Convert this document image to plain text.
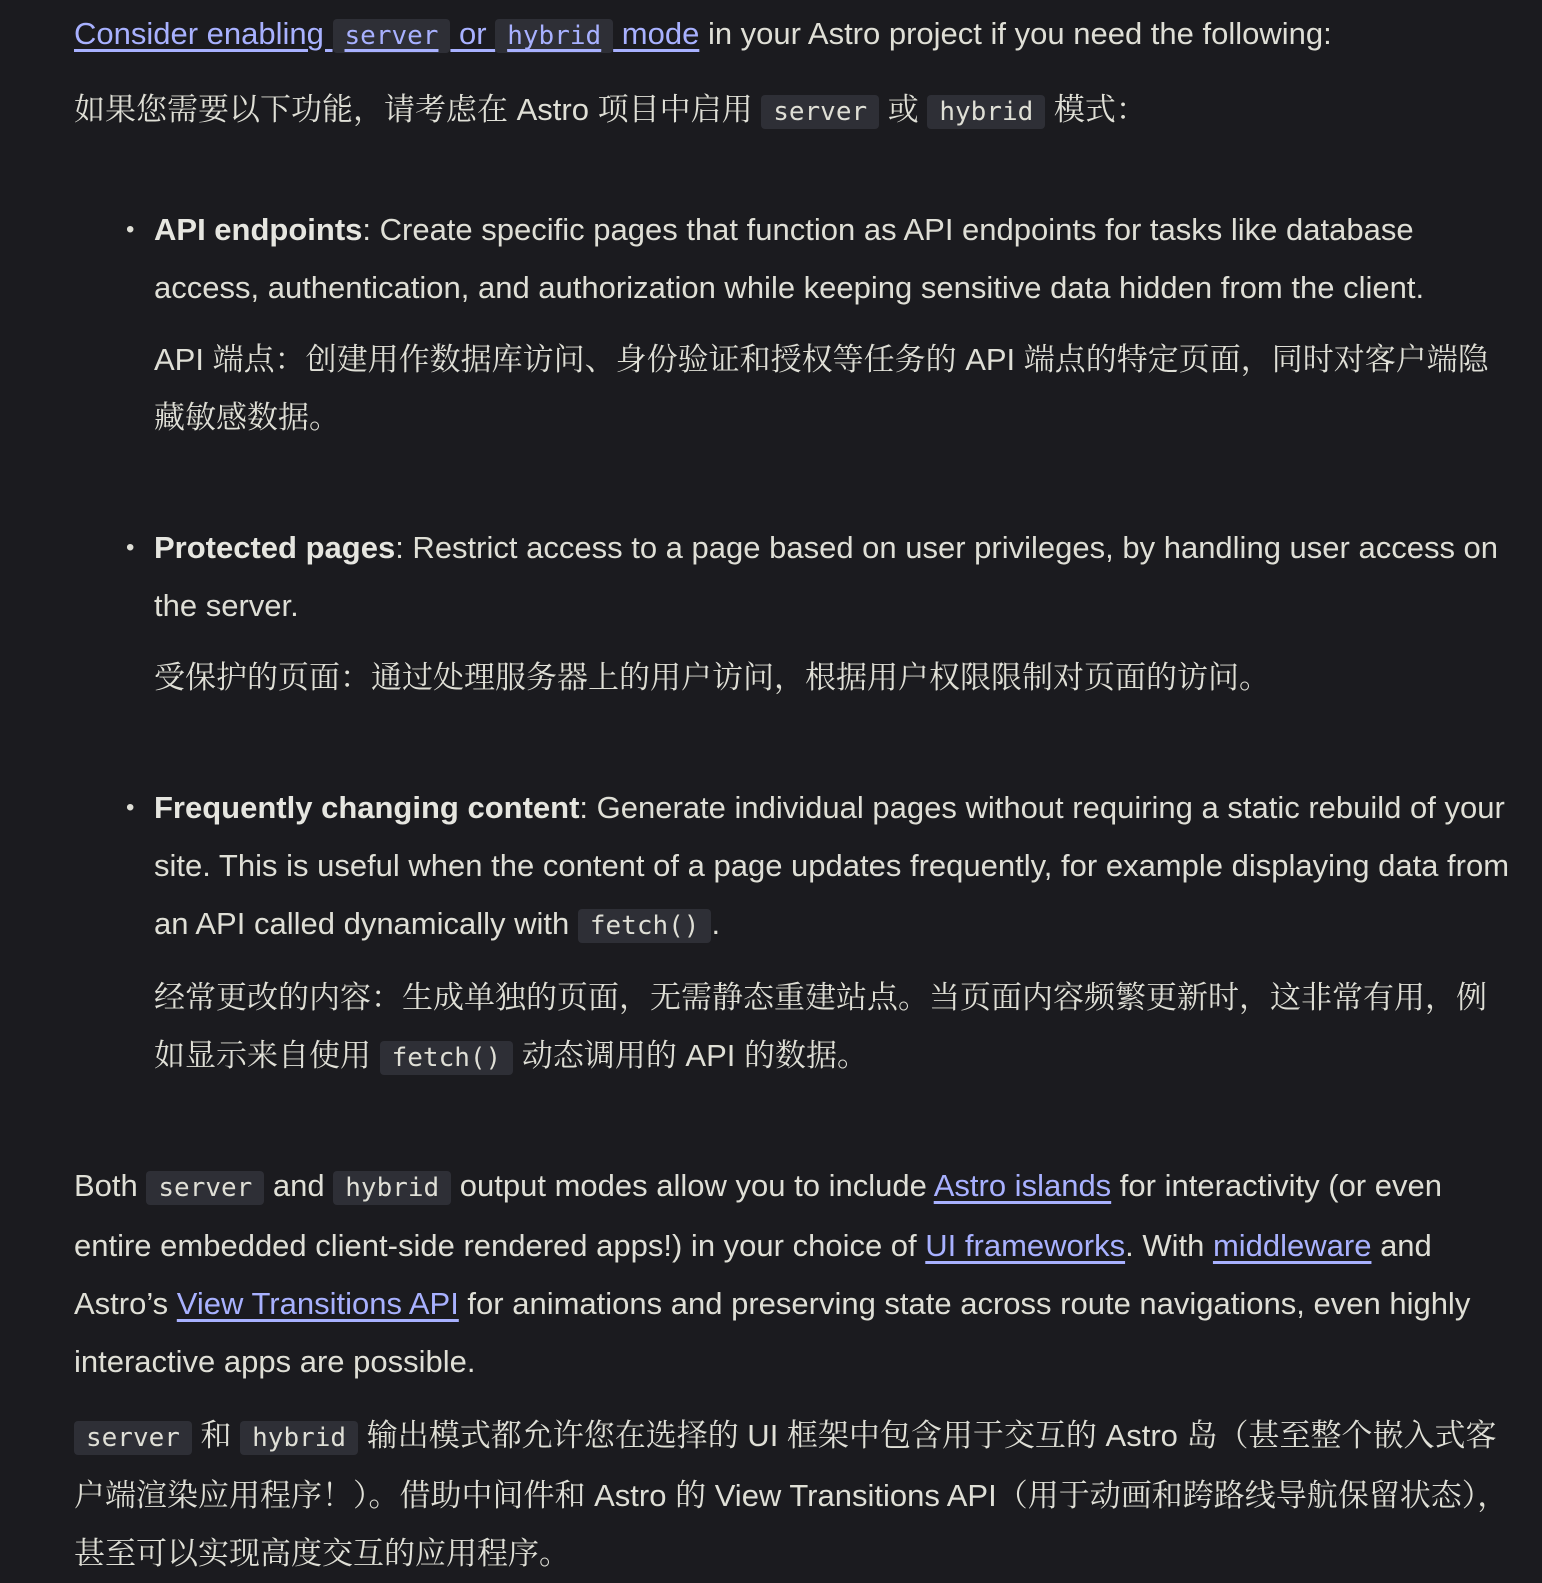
Consider enabling server or hybrid mode in your Astro project if you need the following:

如果您需要以下功能，请考虑在 Astro 项目中启用 server 或 hybrid 模式：

• API endpoints: Create specific pages that function as API endpoints for tasks like database access, authentication, and authorization while keeping sensitive data hidden from the client.

API 端点：创建用作数据库访问、身份验证和授权等任务的 API 端点的特定页面，同时对客户端隐藏敏感数据。

• Protected pages: Restrict access to a page based on user privileges, by handling user access on the server.

受保护的页面：通过处理服务器上的用户访问，根据用户权限限制对页面的访问。

• Frequently changing content: Generate individual pages without requiring a static rebuild of your site. This is useful when the content of a page updates frequently, for example displaying data from an API called dynamically with fetch() .

经常更改的内容：生成单独的页面，无需静态重建站点。当页面内容频繁更新时，这非常有用，例如显示来自使用 fetch() 动态调用的 API 的数据。

Both server and hybrid output modes allow you to include Astro islands for interactivity (or even entire embedded client-side rendered apps!) in your choice of UI frameworks. With middleware and Astro’s View Transitions API for animations and preserving state across route navigations, even highly interactive apps are possible.

server 和 hybrid 输出模式都允许您在选择的 UI 框架中包含用于交互的 Astro 岛（甚至整个嵌入式客户端渲染应用程序！）。借助中间件和 Astro 的 View Transitions API（用于动画和跨路线导航保留状态），甚至可以实现高度交互的应用程序。
